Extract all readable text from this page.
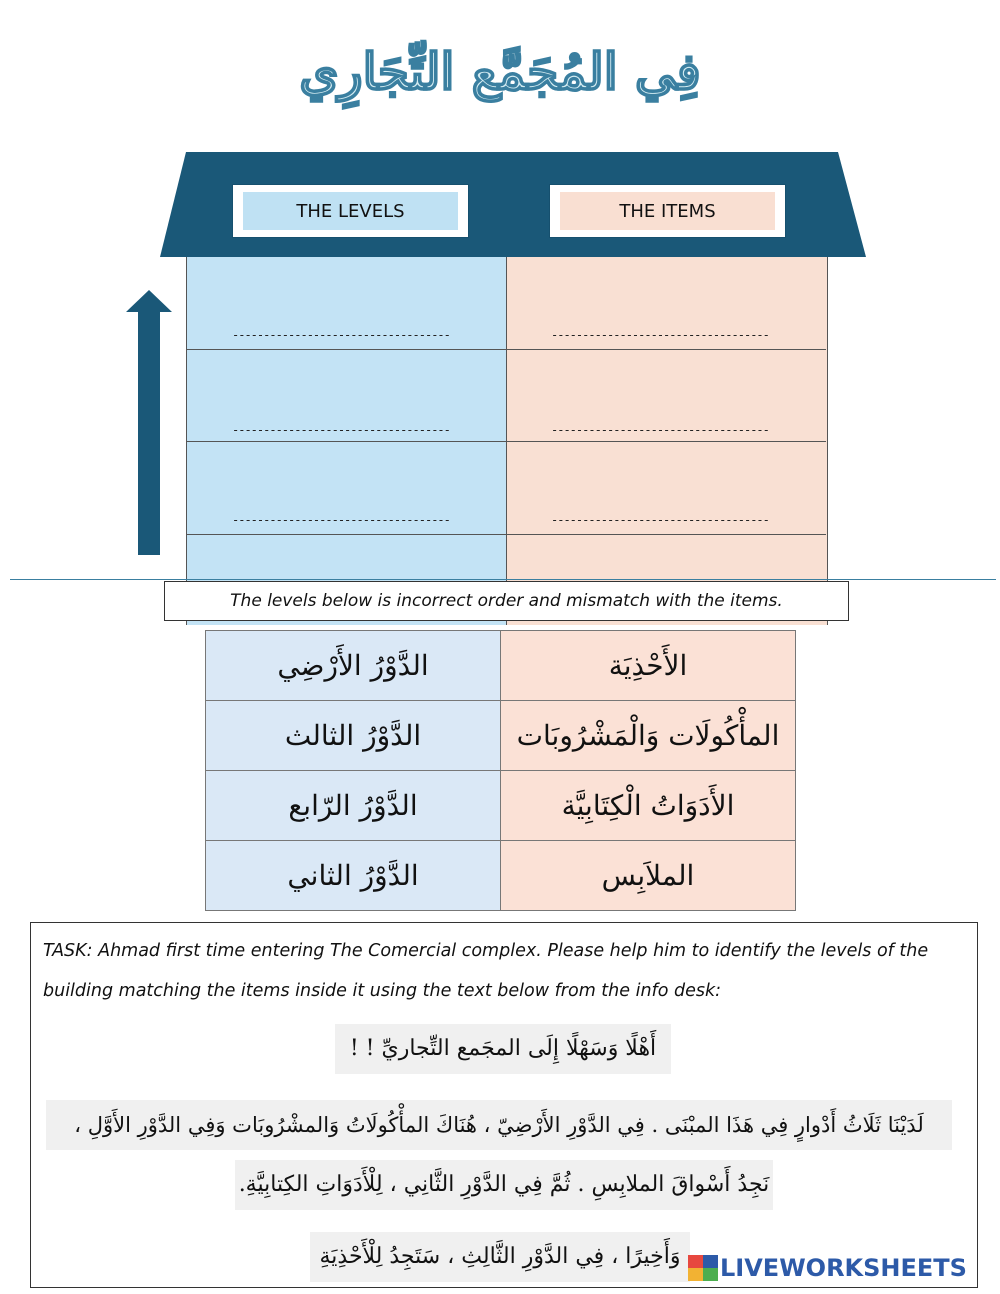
فِي المُجَمَّع التِّجَارِي
THE LEVELS	THE ITEMS
-----------------------------------	-----------------------------------
-----------------------------------	-----------------------------------
-----------------------------------	-----------------------------------
The levels below is incorrect order and mismatch with the items.
الدَّوْرُ الأَرْضِي	الأَحْذِيَة
الدَّوْرُ الثالث	المأْكُولَات وَالْمَشْرُوبَات
الدَّوْرُ الرّابع	الأَدَوَاتُ الْكِتَابِيَّة
الدَّوْرُ الثاني	الملاَبِس
TASK: Ahmad first time entering The Comercial complex. Please help him to identify the levels of the building matching the items inside it using the text below from the info desk:
أَهْلًا وَسَهْلًا إِلَى المجَمع التِّجاريِّ ! !
لَدَيْنَا ثَلَاثُ أَدْوارٍ فِي هَذَا المبْنَى . فِي الدَّوْرِ الأَرْضِيّ ، هُنَاكَ المأْكُولَاتُ وَالمشْرُوبَات وَفِي الدَّوْرِ الأَوَّلِ ،
نَجِدُ أَسْواقَ الملابِسِ . ثُمَّ فِي الدَّوْرِ الثَّانِي ، لِلْأَدَوَاتِ الكِتابِيَّةِ.
وَأَخِيرًا ، فِي الدَّوْرِ الثَّالِثِ ، سَتَجِدُ لِلْأَحْذِيَةِ	LIVEWORKSHEETS
